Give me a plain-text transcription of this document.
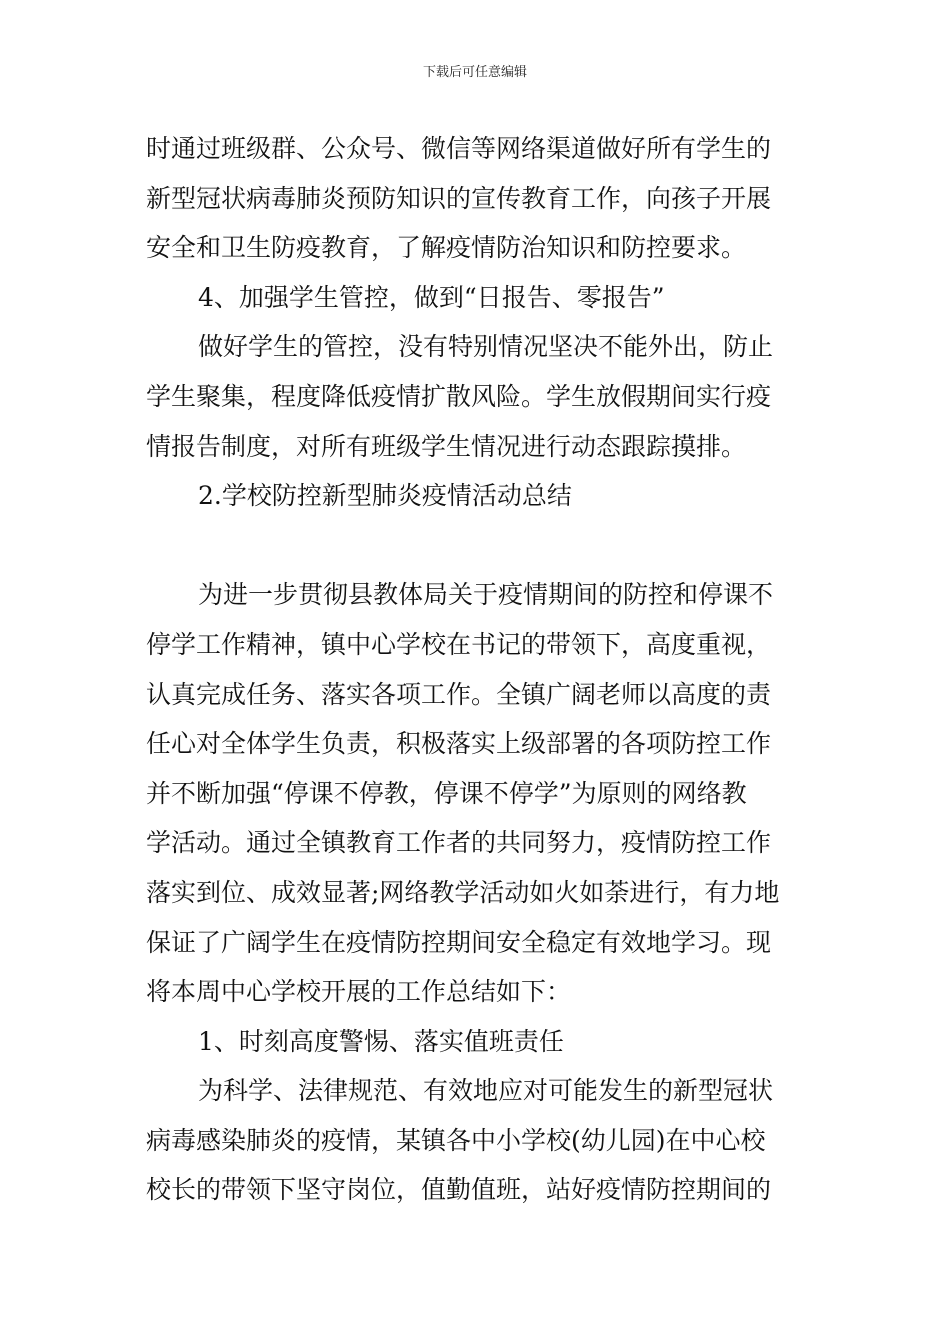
下载后可任意编辑
时通过班级群、公众号、微信等网络渠道做好所有学生的
新型冠状病毒肺炎预防知识的宣传教育工作，向孩子开展
安全和卫生防疫教育，了解疫情防治知识和防控要求。
4、加强学生管控，做到“日报告、零报告”
做好学生的管控，没有特别情况坚决不能外出，防止
学生聚集，程度降低疫情扩散风险。学生放假期间实行疫
情报告制度，对所有班级学生情况进行动态跟踪摸排。
2.学校防控新型肺炎疫情活动总结
为进一步贯彻县教体局关于疫情期间的防控和停课不
停学工作精神，镇中心学校在书记的带领下，高度重视，
认真完成任务、落实各项工作。全镇广阔老师以高度的责
任心对全体学生负责，积极落实上级部署的各项防控工作
并不断加强“停课不停教，停课不停学”为原则的网络教
学活动。通过全镇教育工作者的共同努力，疫情防控工作
落实到位、成效显著;网络教学活动如火如荼进行，有力地
保证了广阔学生在疫情防控期间安全稳定有效地学习。现
将本周中心学校开展的工作总结如下：
1、时刻高度警惕、落实值班责任
为科学、法律规范、有效地应对可能发生的新型冠状
病毒感染肺炎的疫情，某镇各中小学校(幼儿园)在中心校
校长的带领下坚守岗位，值勤值班，站好疫情防控期间的
